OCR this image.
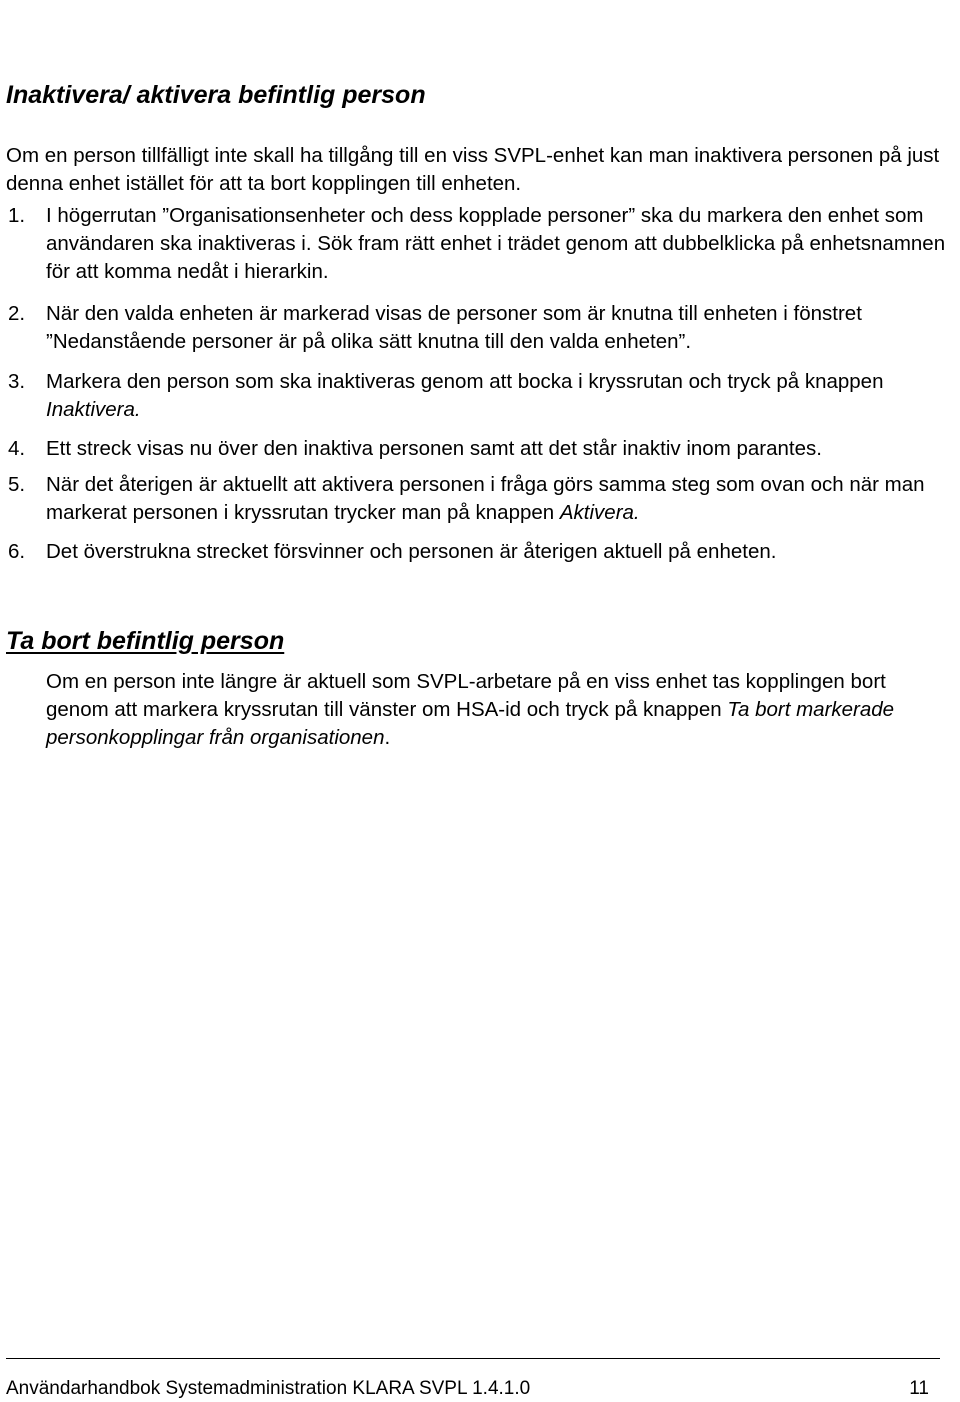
Inaktivera/ aktivera befintlig person

Om en person tillfälligt inte skall ha tillgång till en viss SVPL-enhet kan man inaktivera personen på just denna enhet istället för att ta bort kopplingen till enheten.

1. I högerrutan ”Organisationsenheter och dess kopplade personer” ska du markera den enhet som användaren ska inaktiveras i. Sök fram rätt enhet i trädet genom att dubbelklicka på enhetsnamnen för att komma nedåt i hierarkin.
2. När den valda enheten är markerad visas de personer som är knutna till enheten i fönstret ”Nedanstående personer är på olika sätt knutna till den valda enheten”.
3. Markera den person som ska inaktiveras genom att bocka i kryssrutan och tryck på knappen Inaktivera.
4. Ett streck visas nu över den inaktiva personen samt att det står inaktiv inom parantes.
5. När det återigen är aktuellt att aktivera personen i fråga görs samma steg som ovan och när man markerat personen i kryssrutan trycker man på knappen Aktivera.
6. Det överstrukna strecket försvinner och personen är återigen aktuell på enheten.
Ta bort befintlig person

Om en person inte längre är aktuell som SVPL-arbetare på en viss enhet tas kopplingen bort genom att markera kryssrutan till vänster om HSA-id och tryck på knappen Ta bort markerade personkopplingar från organisationen.

Användarhandbok Systemadministration KLARA SVPL 1.4.1.0	11
